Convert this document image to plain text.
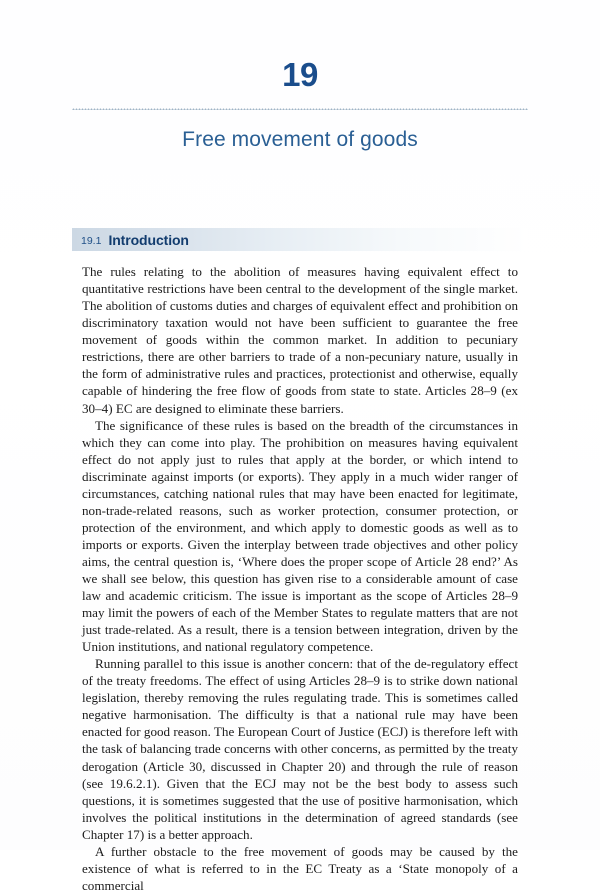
19
Free movement of goods
19.1 Introduction

The rules relating to the abolition of measures having equivalent effect to quantitative restrictions have been central to the development of the single market. The abolition of customs duties and charges of equivalent effect and prohibition on discriminatory taxation would not have been sufficient to guarantee the free movement of goods within the common market. In addition to pecuniary restrictions, there are other barriers to trade of a non-pecuniary nature, usually in the form of administrative rules and practices, protectionist and otherwise, equally capable of hindering the free flow of goods from state to state. Articles 28–9 (ex 30–4) EC are designed to eliminate these barriers.

The significance of these rules is based on the breadth of the circumstances in which they can come into play. The prohibition on measures having equivalent effect do not apply just to rules that apply at the border, or which intend to discriminate against imports (or exports). They apply in a much wider ranger of circumstances, catching national rules that may have been enacted for legitimate, non-trade-related reasons, such as worker protection, consumer protection, or protection of the environment, and which apply to domestic goods as well as to imports or exports. Given the interplay between trade objectives and other policy aims, the central question is, ‘Where does the proper scope of Article 28 end?’ As we shall see below, this question has given rise to a considerable amount of case law and academic criticism. The issue is important as the scope of Articles 28–9 may limit the powers of each of the Member States to regulate matters that are not just trade-related. As a result, there is a tension between integration, driven by the Union institutions, and national regulatory competence.

Running parallel to this issue is another concern: that of the de-regulatory effect of the treaty freedoms. The effect of using Articles 28–9 is to strike down national legislation, thereby removing the rules regulating trade. This is sometimes called negative harmonisation. The difficulty is that a national rule may have been enacted for good reason. The European Court of Justice (ECJ) is therefore left with the task of balancing trade concerns with other concerns, as permitted by the treaty derogation (Article 30, discussed in Chapter 20) and through the rule of reason (see 19.6.2.1). Given that the ECJ may not be the best body to assess such questions, it is sometimes suggested that the use of positive harmonisation, which involves the political institutions in the determination of agreed standards (see Chapter 17) is a better approach.

A further obstacle to the free movement of goods may be caused by the existence of what is referred to in the EC Treaty as a ‘State monopoly of a commercial
